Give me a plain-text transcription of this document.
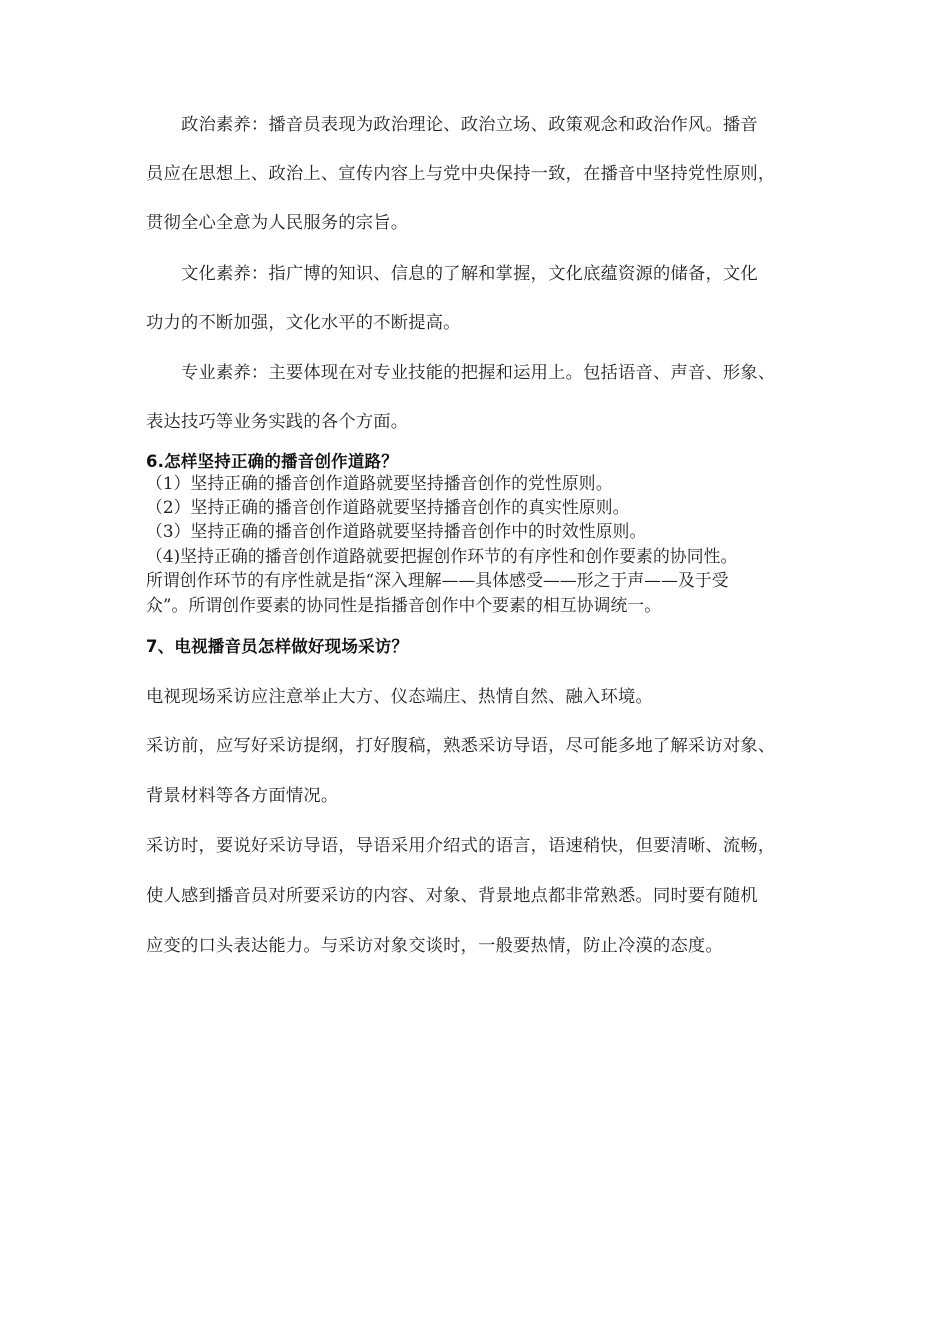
政治素养：播音员表现为政治理论、政治立场、政策观念和政治作风。播音
员应在思想上、政治上、宣传内容上与党中央保持一致，在播音中坚持党性原则，
贯彻全心全意为人民服务的宗旨。
文化素养：指广博的知识、信息的了解和掌握，文化底蕴资源的储备，文化
功力的不断加强，文化水平的不断提高。
专业素养：主要体现在对专业技能的把握和运用上。包括语音、声音、形象、
表达技巧等业务实践的各个方面。
6.怎样坚持正确的播音创作道路？
（1）坚持正确的播音创作道路就要坚持播音创作的党性原则。
（2）坚持正确的播音创作道路就要坚持播音创作的真实性原则。
（3）坚持正确的播音创作道路就要坚持播音创作中的时效性原则。
（4)坚持正确的播音创作道路就要把握创作环节的有序性和创作要素的协同性。
所谓创作环节的有序性就是指“深入理解——具体感受——形之于声——及于受
众”。所谓创作要素的协同性是指播音创作中个要素的相互协调统一。
7、电视播音员怎样做好现场采访？
电视现场采访应注意举止大方、仪态端庄、热情自然、融入环境。
采访前，应写好采访提纲，打好腹稿，熟悉采访导语，尽可能多地了解采访对象、
背景材料等各方面情况。
采访时，要说好采访导语，导语采用介绍式的语言，语速稍快，但要清晰、流畅，
使人感到播音员对所要采访的内容、对象、背景地点都非常熟悉。同时要有随机
应变的口头表达能力。与采访对象交谈时，一般要热情，防止冷漠的态度。
